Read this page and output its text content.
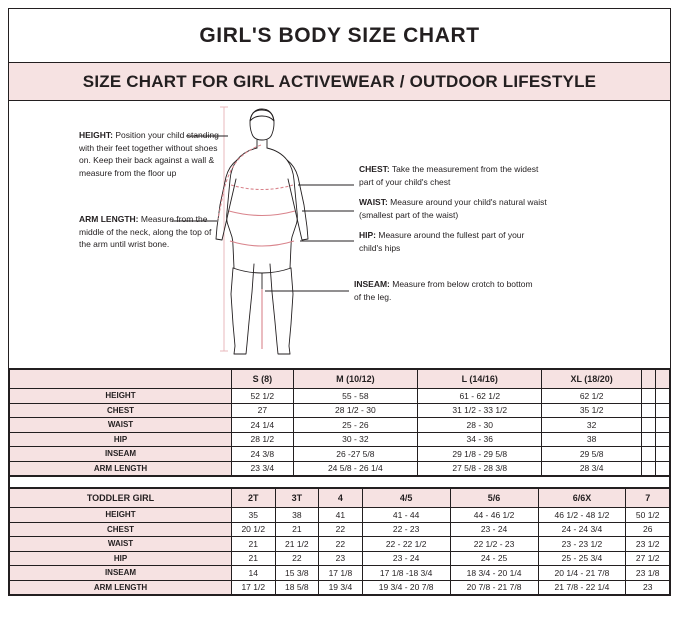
GIRL'S BODY SIZE CHART
SIZE CHART FOR GIRL ACTIVEWEAR / OUTDOOR LIFESTYLE
HEIGHT: Position your child standing with their feet together without shoes on. Keep their back against a wall & measure from the floor up
ARM LENGTH: Measure from the middle of the neck, along the top of the arm until wrist bone.
CHEST: Take the measurement from the widest part of your child's chest
WAIST: Measure around your child's natural waist (smallest part of the waist)
HIP: Measure around the fullest part of your child's hips
INSEAM: Measure from below crotch to bottom of the leg.
	S (8)	M (10/12)	L (14/16)	XL (18/20)		
HEIGHT	52 1/2	55 - 58	61 - 62 1/2	62 1/2		
CHEST	27	28 1/2 - 30	31 1/2 - 33 1/2	35 1/2		
WAIST	24 1/4	25 - 26	28 - 30	32		
HIP	28 1/2	30 - 32	34 - 36	38		
INSEAM	24 3/8	26 -27 5/8	29 1/8 - 29 5/8	29 5/8		
ARM LENGTH	23 3/4	24 5/8 - 26 1/4	27 5/8 - 28 3/8	28 3/4		
TODDLER GIRL	2T	3T	4	4/5	5/6	6/6X	7
HEIGHT	35	38	41	41 - 44	44 - 46 1/2	46 1/2 - 48 1/2	50 1/2
CHEST	20 1/2	21	22	22 - 23	23 - 24	24 - 24 3/4	26
WAIST	21	21 1/2	22	22 - 22 1/2	22 1/2 - 23	23 - 23 1/2	23 1/2
HIP	21	22	23	23 - 24	24 - 25	25 - 25 3/4	27 1/2
INSEAM	14	15 3/8	17 1/8	17 1/8 -18 3/4	18 3/4 - 20 1/4	20 1/4 - 21 7/8	23 1/8
ARM LENGTH	17 1/2	18 5/8	19 3/4	19 3/4 - 20 7/8	20 7/8 - 21 7/8	21 7/8 - 22 1/4	23
